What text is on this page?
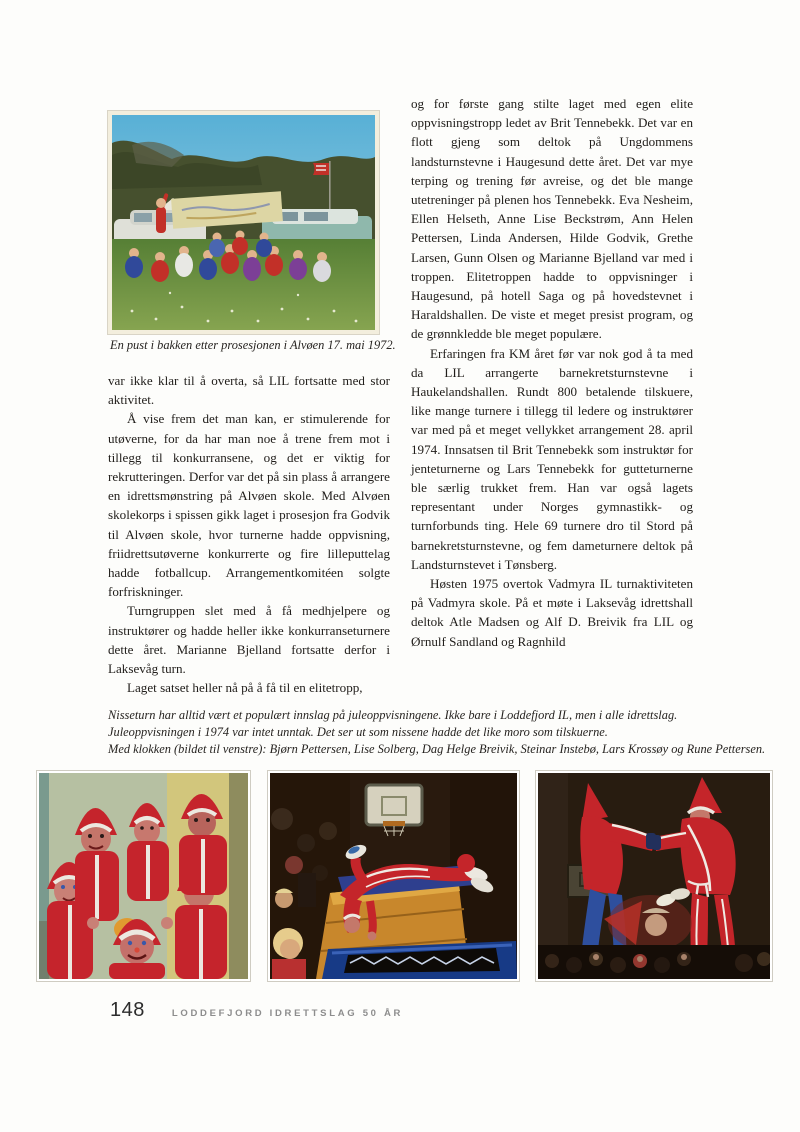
En pust i bakken etter prosesjonen i Alvøen 17. mai 1972.

var ikke klar til å overta, så LIL fortsatte med stor aktivitet.

Å vise frem det man kan, er stimulerende for utøverne, for da har man noe å trene frem mot i tillegg til konkurransene, og det er viktig for rekrutteringen. Derfor var det på sin plass å arrangere en idrettsmønstring på Alvøen skole. Med Alvøen skolekorps i spissen gikk laget i prosesjon fra Godvik til Alvøen skole, hvor turnerne hadde oppvisning, friidrettsutøverne konkurrerte og fire lilleputtelag hadde fotballcup. Arrangementkomitéen solgte forfriskninger.

Turngruppen slet med å få medhjelpere og instruktører og hadde heller ikke konkurranseturnere dette året. Marianne Bjelland fortsatte derfor i Laksevåg turn.

Laget satset heller nå på å få til en elitetropp,

og for første gang stilte laget med egen elite oppvisningstropp ledet av Brit Tennebekk. Det var en flott gjeng som deltok på Ungdommens landsturnstevne i Haugesund dette året. Det var mye terping og trening før avreise, og det ble mange utetreninger på plenen hos Tennebekk. Eva Nesheim, Ellen Helseth, Anne Lise Beckstrøm, Ann Helen Pettersen, Linda Andersen, Hilde Godvik, Grethe Larsen, Gunn Olsen og Marianne Bjelland var med i troppen. Elitetroppen hadde to oppvisninger i Haugesund, på hotell Saga og på hovedstevnet i Haraldshallen. De viste et meget presist program, og de grønnkledde ble meget populære.

Erfaringen fra KM året før var nok god å ta med da LIL arrangerte barnekretsturnstevne i Haukelandshallen. Rundt 800 betalende tilskuere, like mange turnere i tillegg til ledere og instruktører var med på et meget vellykket arrangement 28. april 1974. Innsatsen til Brit Tennebekk som instruktør for jenteturnerne og Lars Tennebekk for gutteturnerne ble særlig trukket frem. Han var også lagets representant under Norges gymnastikk- og turnforbunds ting. Hele 69 turnere dro til Stord på barnekretsturnstevne, og fem dameturnere deltok på Landsturnstevet i Tønsberg.

Høsten 1975 overtok Vadmyra IL turnaktiviteten på Vadmyra skole. På et møte i Laksevåg idrettshall deltok Atle Madsen og Alf D. Breivik fra LIL og Ørnulf Sandland og Ragnhild

Nisseturn har alltid vært et populært innslag på juleoppvisningene. Ikke bare i Loddefjord IL, men i alle idrettslag.
Juleoppvisningen i 1974 var intet unntak. Det ser ut som nissene hadde det like moro som tilskuerne.
Med klokken (bildet til venstre): Bjørn Pettersen, Lise Solberg, Dag Helge Breivik, Steinar Instebø, Lars Krossøy og Rune Pettersen.
148	LODDEFJORD IDRETTSLAG 50 ÅR
